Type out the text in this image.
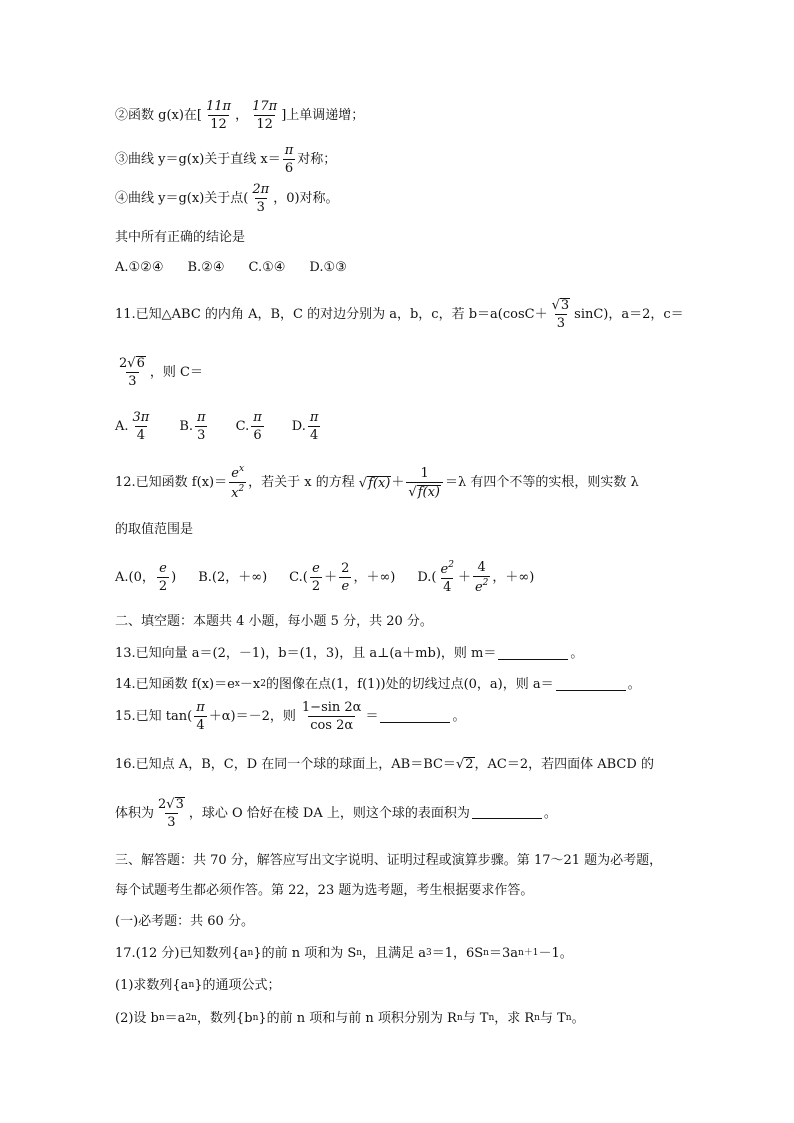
②函数 g(x)在[ $\frac{11\pi}{12}$ ， $\frac{17\pi}{12}$ ]上单调递增；
③曲线 y＝g(x)关于直线 $x= \frac{\pi}{6}$ 对称；
④曲线 y＝g(x)关于点( $\frac{2\pi}{3}$ ，0)对称。
其中所有正确的结论是
A.①②④ B.②④ C.①④ D.①③
11.已知△ABC 的内角 A，B，C 的对边分别为 a，b，c，若 $b=a(\cos C+ \frac{√ 3}{3} \sin C)$，a＝2，c＝
$\frac{2 √ 6}{3}$ ，则 C＝
A. $\frac{3\pi}{4} B$. $\frac{\pi}{3} C$. $\frac{\pi}{6} D$. $\frac{\pi}{4}$
12.已知函数 $f(x)= \frac{e^x}{x^2}$ ，若关于 x 的方程 √ $f(x) + \frac{1}{√ f(x)} =\lambda$ 有四个不等的实根，则实数 λ
的取值范围是
A.(0， $\frac{e}{2}$ ) B.(2，＋∞) $C.( \frac{e}{2} + \frac{2}{e}$ ，＋∞) $D.( \frac{e^2}{4} + \frac{4}{e^2}$ ，＋∞)
二、填空题：本题共 4 小题，每小题 5 分，共 20 分。
13.已知向量 a＝(2，－1)，b＝(1，3)，且 a⊥(a＋mb)，则 m＝	。
14.已知函数 f(x)＝e x －x 2 的图像在点(1，f(1))处的切线过点(0，a)，则 a＝	。
15.已知 $\tan( \frac{\pi}{4} +\alpha)=-2$，则 $\frac{1-\sin 2\alpha}{\cos 2\alpha}$ ＝	。
16.已知点 A，B，C，D 在同一个球的球面上，AB＝BC＝ √ 2 ，AC＝2，若四面体 ABCD 的
体积为 $\frac{2 √ 3}{3}$ ，球心 O 恰好在棱 DA 上，则这个球的表面积为	。
三、解答题：共 70 分，解答应写出文字说明、证明过程或演算步骤。第 17～21 题为必考题，
每个试题考生都必须作答。第 22，23 题为选考题，考生根据要求作答。
(一)必考题：共 60 分。
17.(12 分)已知数列{a n }的前 n 项和为 S n ，且满足 a 3 ＝1，6S n ＝3a n＋1 －1。
(1)求数列{a n }的通项公式；
(2)设 b n ＝a 2n ，数列{b n }的前 n 项和与前 n 项积分别为 R n 与 T n ，求 R n 与 T n 。
